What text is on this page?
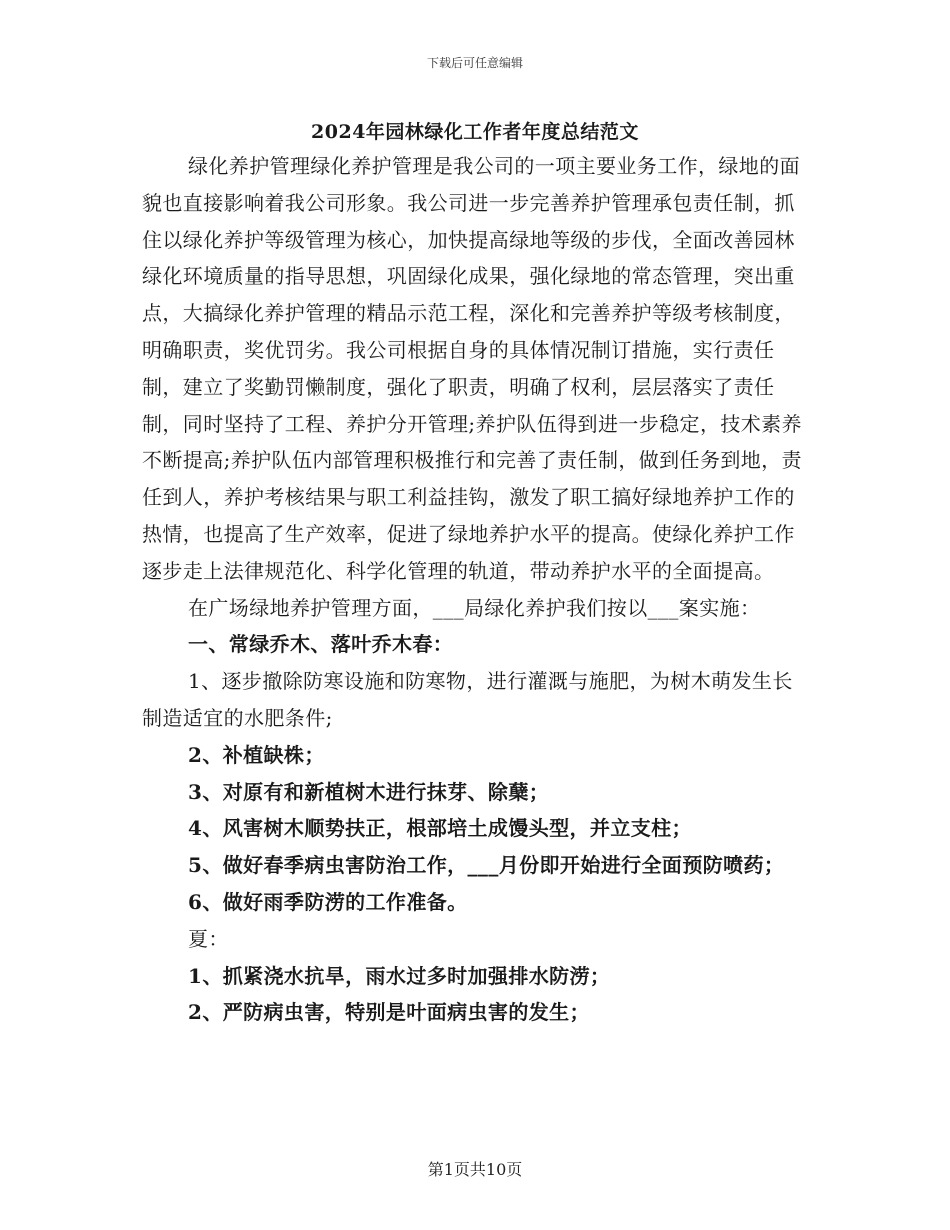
下载后可任意编辑
2024年园林绿化工作者年度总结范文

绿化养护管理绿化养护管理是我公司的一项主要业务工作，绿地的面貌也直接影响着我公司形象。我公司进一步完善养护管理承包责任制，抓住以绿化养护等级管理为核心，加快提高绿地等级的步伐，全面改善园林绿化环境质量的指导思想，巩固绿化成果，强化绿地的常态管理，突出重点，大搞绿化养护管理的精品示范工程，深化和完善养护等级考核制度，明确职责，奖优罚劣。我公司根据自身的具体情况制订措施，实行责任制，建立了奖勤罚懒制度，强化了职责，明确了权利，层层落实了责任制，同时坚持了工程、养护分开管理;养护队伍得到进一步稳定，技术素养不断提高;养护队伍内部管理积极推行和完善了责任制，做到任务到地，责任到人，养护考核结果与职工利益挂钩，激发了职工搞好绿地养护工作的热情，也提高了生产效率，促进了绿地养护水平的提高。使绿化养护工作逐步走上法律规范化、科学化管理的轨道，带动养护水平的全面提高。

在广场绿地养护管理方面，___局绿化养护我们按以___案实施：

一、常绿乔木、落叶乔木春：

1、逐步撤除防寒设施和防寒物，进行灌溉与施肥，为树木萌发生长制造适宜的水肥条件;

2、补植缺株；

3、对原有和新植树木进行抹芽、除蘖；

4、风害树木顺势扶正，根部培土成馒头型，并立支柱；

5、做好春季病虫害防治工作，___月份即开始进行全面预防喷药；

6、做好雨季防涝的工作准备。

夏：

1、抓紧浇水抗旱，雨水过多时加强排水防涝；

2、严防病虫害，特别是叶面病虫害的发生；

第1页共10页
